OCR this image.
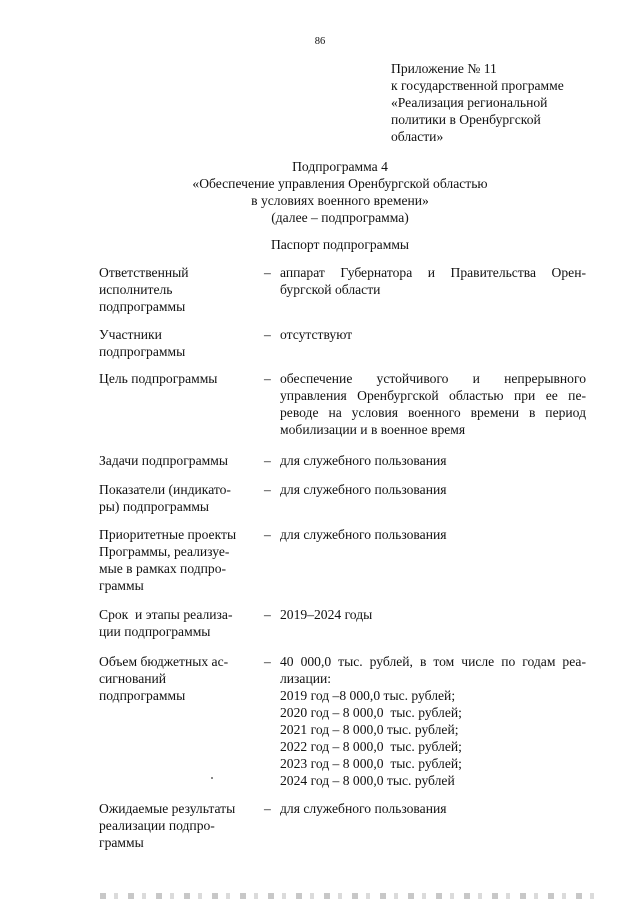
86
Приложение № 11
к государственной программе
«Реализация региональной
политики в Оренбургской
области»
Подпрограмма 4
«Обеспечение управления Оренбургской областью
в условиях военного времени»
(далее – подпрограмма)
Паспорт подпрограммы
Ответственный
исполнитель
подпрограммы
– аппарат Губернатора и Правительства Орен-
бургской области
Участники
подпрограммы
– отсутствуют
Цель подпрограммы	– обеспечение устойчивого и непрерывного
управления Оренбургской областью при ее пе-
реводе на условия военного времени в период
мобилизации и в военное время
Задачи подпрограммы	– для служебного пользования
Показатели (индикато-
ры) подпрограммы
– для служебного пользования
Приоритетные проекты
Программы, реализуе-
мые в рамках подпро-
граммы
– для служебного пользования
Срок  и этапы реализа-
ции подпрограммы
– 2019–2024 годы
Объем бюджетных ас-
сигнований
подпрограммы
– 40 000,0 тыс. рублей, в том числе по годам реа-
лизации:
2019 год –8 000,0 тыс. рублей;
2020 год – 8 000,0  тыс. рублей;
2021 год – 8 000,0 тыс. рублей;
2022 год – 8 000,0  тыс. рублей;
2023 год – 8 000,0  тыс. рублей;
2024 год – 8 000,0 тыс. рублей
Ожидаемые результаты
реализации подпро-
граммы
– для служебного пользования
